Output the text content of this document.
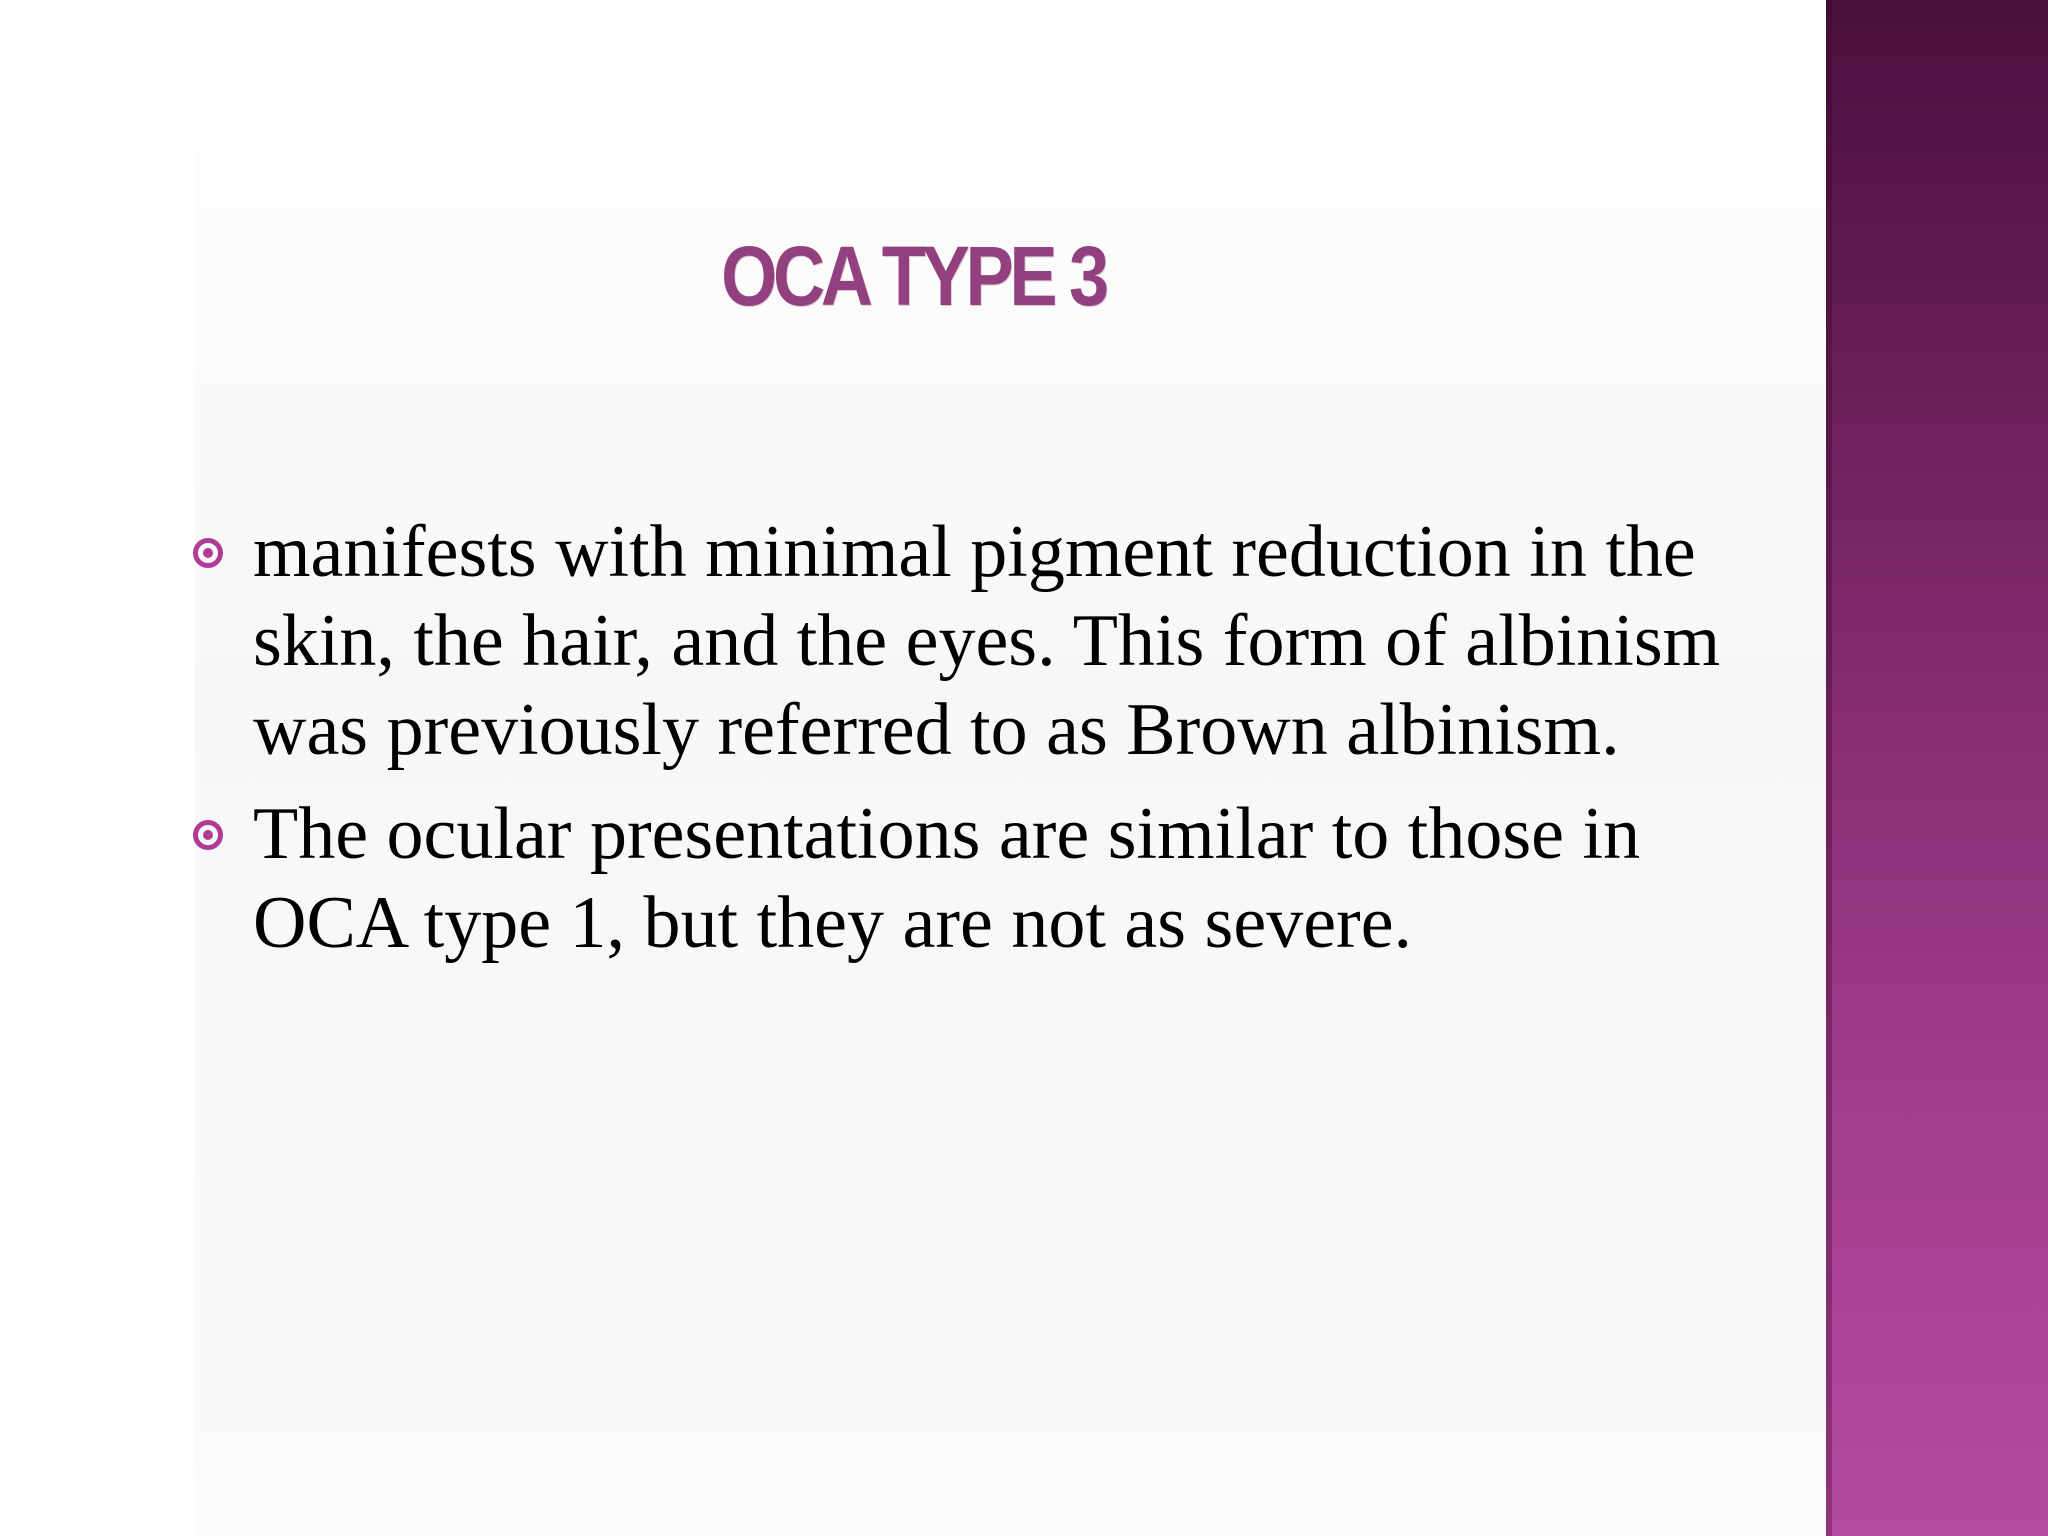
OCA TYPE 3
manifests with minimal pigment reduction in the skin, the hair, and the eyes. This form of albinism was previously referred to as Brown albinism.
The ocular presentations are similar to those in OCA type 1, but they are not as severe.
